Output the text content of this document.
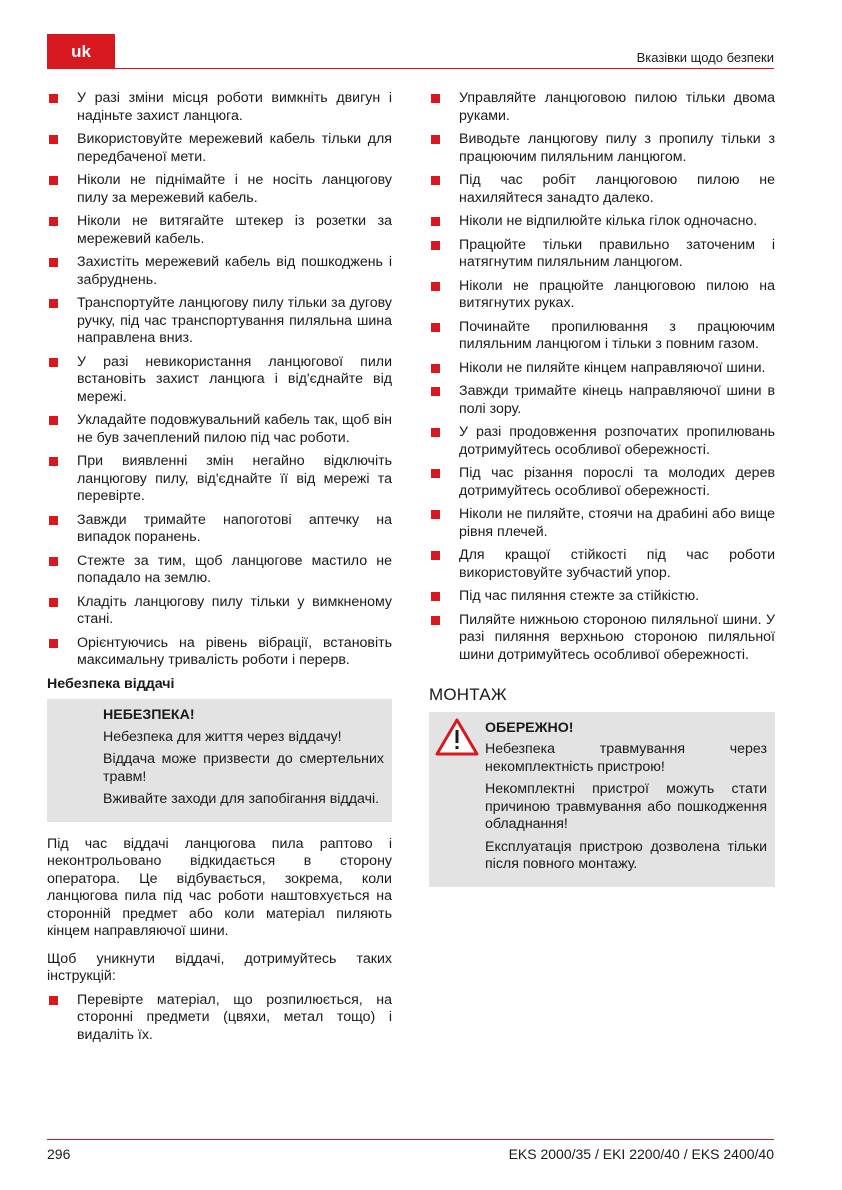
uk	Вказівки щодо безпеки
У разі зміни місця роботи вимкніть двигун і надіньте захист ланцюга.
Використовуйте мережевий кабель тільки для передбаченої мети.
Ніколи не піднімайте і не носіть ланцюгову пилу за мережевий кабель.
Ніколи не витягайте штекер із розетки за мережевий кабель.
Захистіть мережевий кабель від пошкоджень і забруднень.
Транспортуйте ланцюгову пилу тільки за дугову ручку, під час транспортування пиляльна шина направлена вниз.
У разі невикористання ланцюгової пили встановіть захист ланцюга і від'єднайте від мережі.
Укладайте подовжувальний кабель так, щоб він не був зачеплений пилою під час роботи.
При виявленні змін негайно відключіть ланцюгову пилу, від'єднайте її від мережі та перевірте.
Завжди тримайте напоготові аптечку на випадок поранень.
Стежте за тим, щоб ланцюгове мастило не попадало на землю.
Кладіть ланцюгову пилу тільки у вимкненому стані.
Орієнтуючись на рівень вібрації, встановіть максимальну тривалість роботи і перерв.
Небезпека віддачі
НЕБЕЗПЕКА!

Небезпека для життя через віддачу!

Віддача може призвести до смертельних травм!

Вживайте заходи для запобігання віддачі.

Під час віддачі ланцюгова пила раптово і неконтрольовано відкидається в сторону оператора. Це відбувається, зокрема, коли ланцюгова пила під час роботи наштовхується на сторонній предмет або коли матеріал пиляють кінцем направляючої шини.

Щоб уникнути віддачі, дотримуйтесь таких інструкцій:

Перевірте матеріал, що розпилюється, на сторонні предмети (цвяхи, метал тощо) і видаліть їх.
Управляйте ланцюговою пилою тільки двома руками.
Виводьте ланцюгову пилу з пропилу тільки з працюючим пиляльним ланцюгом.
Під час робіт ланцюговою пилою не нахиляйтеся занадто далеко.
Ніколи не відпилюйте кілька гілок одночасно.
Працюйте тільки правильно заточеним і натягнутим пиляльним ланцюгом.
Ніколи не працюйте ланцюговою пилою на витягнутих руках.
Починайте пропилювання з працюючим пиляльним ланцюгом і тільки з повним газом.
Ніколи не пиляйте кінцем направляючої шини.
Завжди тримайте кінець направляючої шини в полі зору.
У разі продовження розпочатих пропилювань дотримуйтесь особливої обережності.
Під час різання порослі та молодих дерев дотримуйтесь особливої обережності.
Ніколи не пиляйте, стоячи на драбині або вище рівня плечей.
Для кращої стійкості під час роботи використовуйте зубчастий упор.
Під час пиляння стежте за стійкістю.
Пиляйте нижньою стороною пиляльної шини. У разі пиляння верхньою стороною пиляльної шини дотримуйтесь особливої обережності.
МОНТАЖ
ОБЕРЕЖНО!

Небезпека травмування через некомплектність пристрою!

Некомплектні пристрої можуть стати причиною травмування або пошкодження обладнання!

Експлуатація пристрою дозволена тільки після повного монтажу.

296	EKS 2000/35 / EKI 2200/40 / EKS 2400/40
